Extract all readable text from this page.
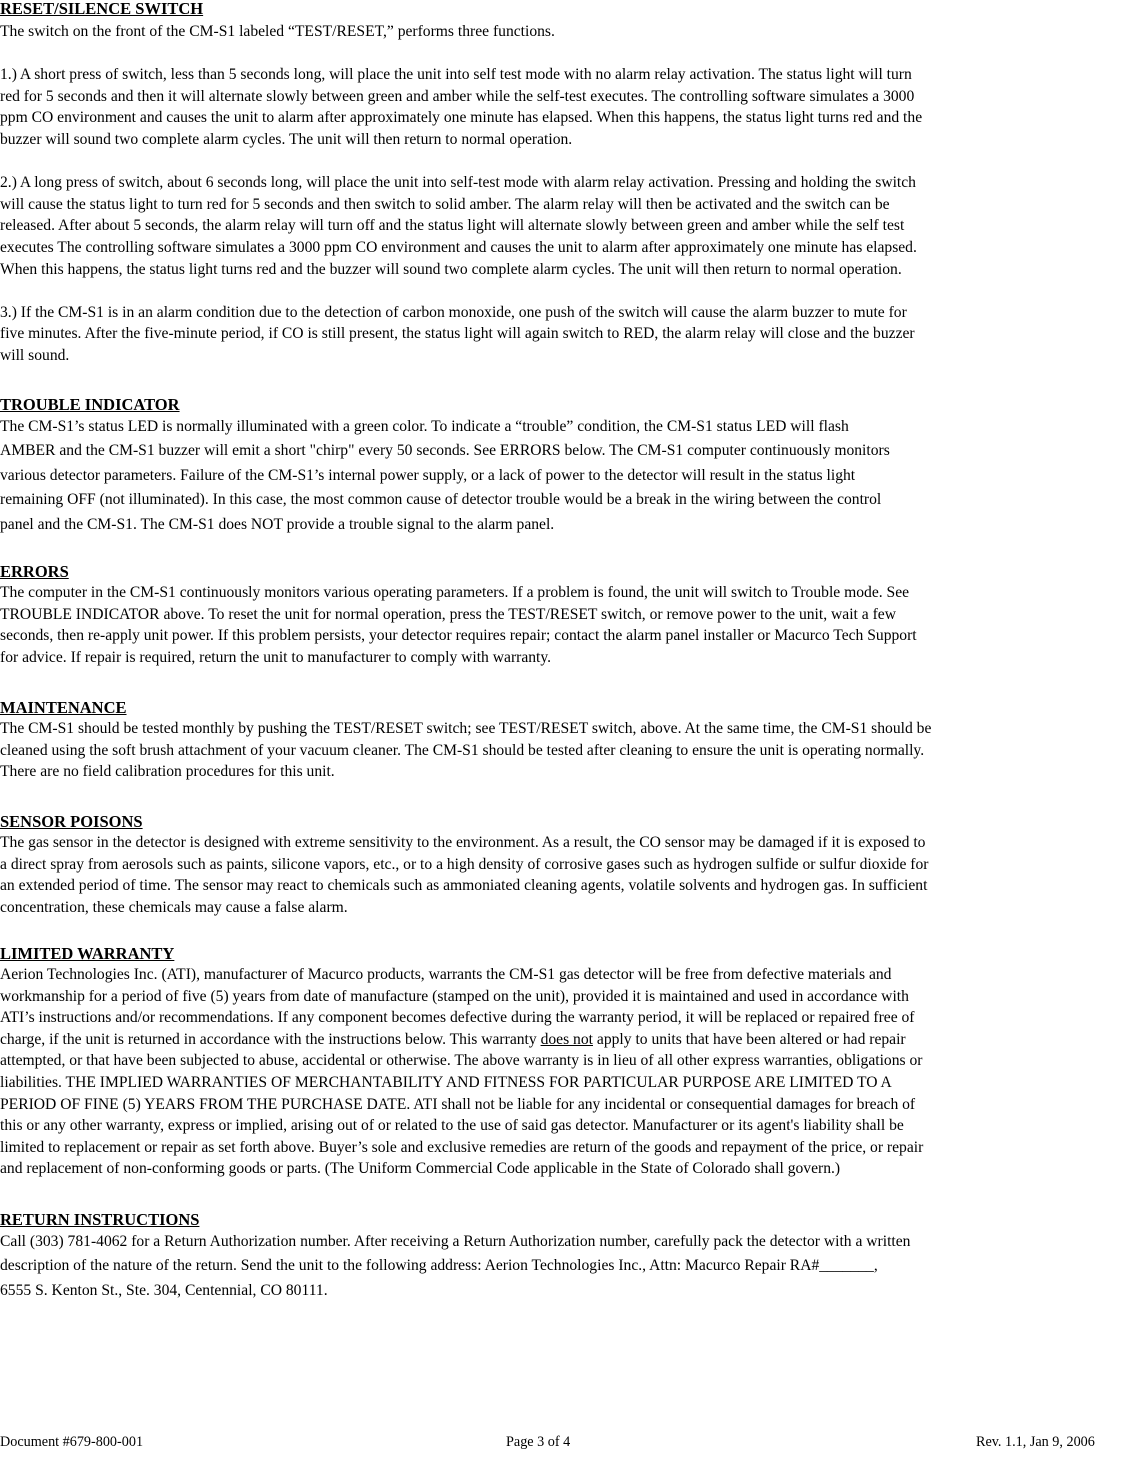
RESET/SILENCE SWITCH
The switch on the front of the CM-S1 labeled “TEST/RESET,” performs three functions.

1.) A short press of switch, less than 5 seconds long, will place the unit into self test mode with no alarm relay activation. The status light will turn
red for 5 seconds and then it will alternate slowly between green and amber while the self-test executes. The controlling software simulates a 3000
ppm CO environment and causes the unit to alarm after approximately one minute has elapsed. When this happens, the status light turns red and the
buzzer will sound two complete alarm cycles. The unit will then return to normal operation.

2.) A long press of switch, about 6 seconds long, will place the unit into self-test mode with alarm relay activation. Pressing and holding the switch
will cause the status light to turn red for 5 seconds and then switch to solid amber. The alarm relay will then be activated and the switch can be
released. After about 5 seconds, the alarm relay will turn off and the status light will alternate slowly between green and amber while the self test
executes The controlling software simulates a 3000 ppm CO environment and causes the unit to alarm after approximately one minute has elapsed.
When this happens, the status light turns red and the buzzer will sound two complete alarm cycles. The unit will then return to normal operation.

3.) If the CM-S1 is in an alarm condition due to the detection of carbon monoxide, one push of the switch will cause the alarm buzzer to mute for
five minutes. After the five-minute period, if CO is still present, the status light will again switch to RED, the alarm relay will close and the buzzer
will sound.
TROUBLE INDICATOR
The CM-S1’s status LED is normally illuminated with a green color. To indicate a “trouble” condition, the CM-S1 status LED will flash
AMBER and the CM-S1 buzzer will emit a short "chirp" every 50 seconds. See ERRORS below. The CM-S1 computer continuously monitors
various detector parameters. Failure of the CM-S1’s internal power supply, or a lack of power to the detector will result in the status light
remaining OFF (not illuminated). In this case, the most common cause of detector trouble would be a break in the wiring between the control
panel and the CM-S1. The CM-S1 does NOT provide a trouble signal to the alarm panel.
ERRORS
The computer in the CM-S1 continuously monitors various operating parameters. If a problem is found, the unit will switch to Trouble mode. See
TROUBLE INDICATOR above. To reset the unit for normal operation, press the TEST/RESET switch, or remove power to the unit, wait a few
seconds, then re-apply unit power. If this problem persists, your detector requires repair; contact the alarm panel installer or Macurco Tech Support
for advice. If repair is required, return the unit to manufacturer to comply with warranty.
MAINTENANCE
The CM-S1 should be tested monthly by pushing the TEST/RESET switch; see TEST/RESET switch, above. At the same time, the CM-S1 should be
cleaned using the soft brush attachment of your vacuum cleaner. The CM-S1 should be tested after cleaning to ensure the unit is operating normally.
There are no field calibration procedures for this unit.
SENSOR POISONS
The gas sensor in the detector is designed with extreme sensitivity to the environment. As a result, the CO sensor may be damaged if it is exposed to
a direct spray from aerosols such as paints, silicone vapors, etc., or to a high density of corrosive gases such as hydrogen sulfide or sulfur dioxide for
an extended period of time. The sensor may react to chemicals such as ammoniated cleaning agents, volatile solvents and hydrogen gas. In sufficient
concentration, these chemicals may cause a false alarm.
LIMITED WARRANTY
Aerion Technologies Inc. (ATI), manufacturer of Macurco products, warrants the CM-S1 gas detector will be free from defective materials and
workmanship for a period of five (5) years from date of manufacture (stamped on the unit), provided it is maintained and used in accordance with
ATI’s instructions and/or recommendations. If any component becomes defective during the warranty period, it will be replaced or repaired free of
charge, if the unit is returned in accordance with the instructions below. This warranty does not apply to units that have been altered or had repair
attempted, or that have been subjected to abuse, accidental or otherwise. The above warranty is in lieu of all other express warranties, obligations or
liabilities. THE IMPLIED WARRANTIES OF MERCHANTABILITY AND FITNESS FOR PARTICULAR PURPOSE ARE LIMITED TO A
PERIOD OF FINE (5) YEARS FROM THE PURCHASE DATE. ATI shall not be liable for any incidental or consequential damages for breach of
this or any other warranty, express or implied, arising out of or related to the use of said gas detector. Manufacturer or its agent's liability shall be
limited to replacement or repair as set forth above. Buyer’s sole and exclusive remedies are return of the goods and repayment of the price, or repair
and replacement of non-conforming goods or parts. (The Uniform Commercial Code applicable in the State of Colorado shall govern.)
RETURN INSTRUCTIONS
Call (303) 781-4062 for a Return Authorization number. After receiving a Return Authorization number, carefully pack the detector with a written
description of the nature of the return. Send the unit to the following address: Aerion Technologies Inc., Attn: Macurco Repair RA#_______,
6555 S. Kenton St., Ste. 304, Centennial, CO 80111.
Document #679-800-001	Page 3 of 4	Rev. 1.1, Jan 9, 2006
